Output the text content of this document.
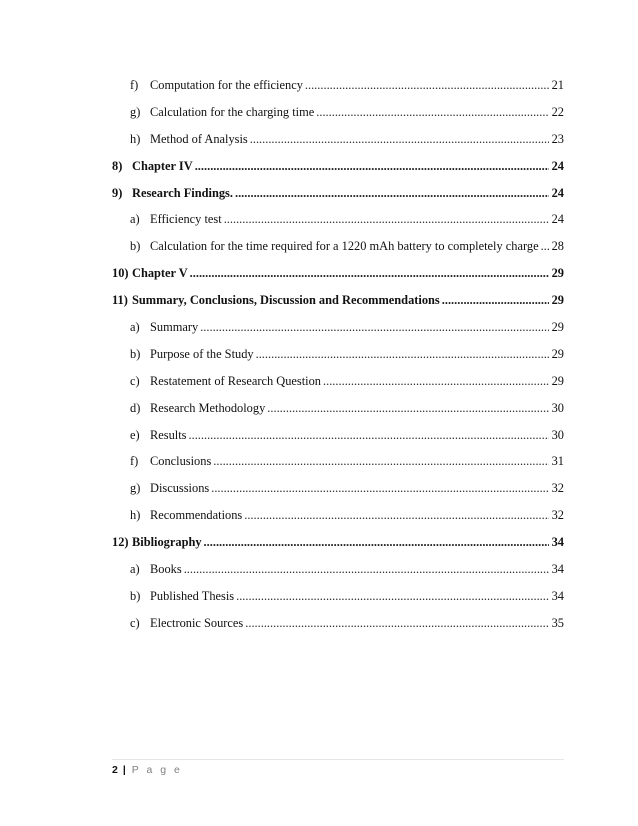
f) Computation for the efficiency .....	21
g) Calculation for the charging time .....	22
h) Method of Analysis .....	23
8) Chapter IV .....	24
9) Research Findings. .....	24
a) Efficiency test .....	24
b) Calculation for the time required for a 1220 mAh battery to completely charge ..... 28
10) Chapter V .....	29
11) Summary, Conclusions, Discussion and Recommendations .....	29
a) Summary .....	29
b) Purpose of the Study .....	29
c) Restatement of Research Question .....	29
d) Research Methodology .....	30
e) Results .....	30
f) Conclusions .....	31
g) Discussions .....	32
h) Recommendations .....	32
12) Bibliography .....	34
a) Books .....	34
b) Published Thesis .....	34
c) Electronic Sources .....	35
2 | P a g e
